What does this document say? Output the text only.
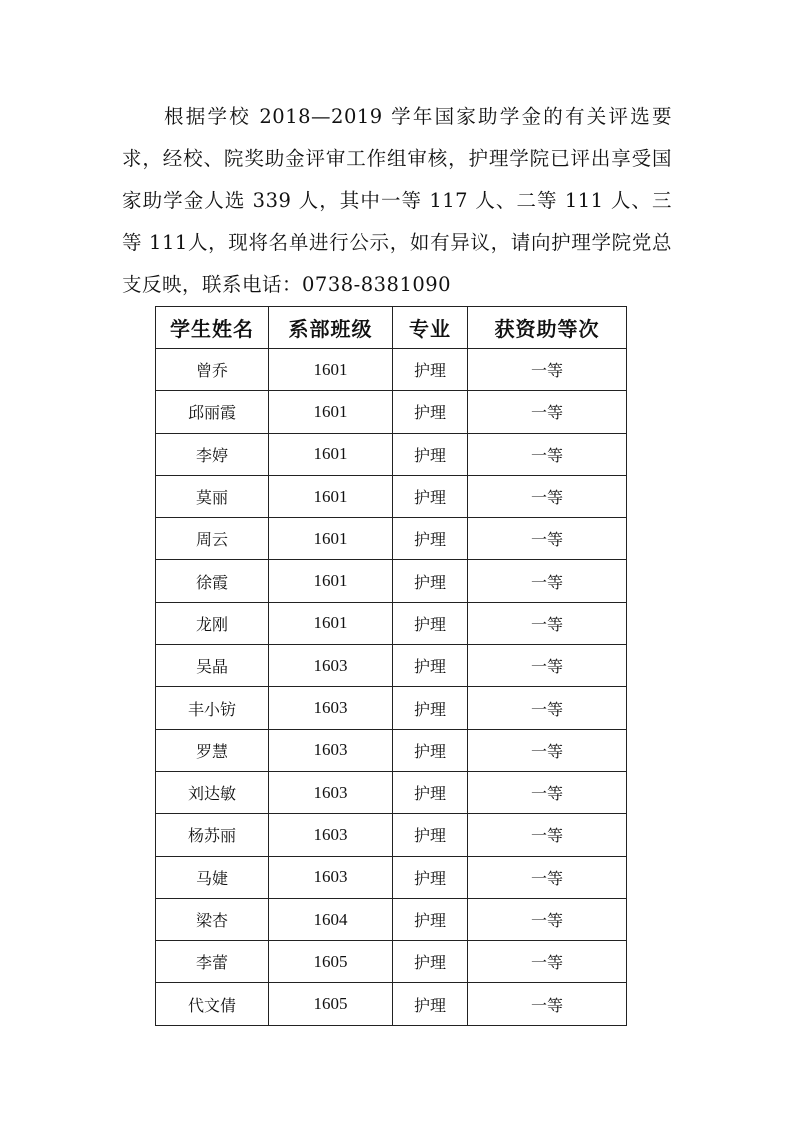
根据学校 2018—2019 学年国家助学金的有关评选要求，经校、院奖助金评审工作组审核，护理学院已评出享受国家助学金人选 339 人，其中一等 117 人、二等 111 人、三等 111人，现将名单进行公示，如有异议，请向护理学院党总支反映，联系电话：0738-8381090

学生姓名	系部班级	专业	获资助等次
曾乔	1601	护理	一等
邱丽霞	1601	护理	一等
李婷	1601	护理	一等
莫丽	1601	护理	一等
周云	1601	护理	一等
徐霞	1601	护理	一等
龙刚	1601	护理	一等
吴晶	1603	护理	一等
丰小钫	1603	护理	一等
罗慧	1603	护理	一等
刘达敏	1603	护理	一等
杨苏丽	1603	护理	一等
马婕	1603	护理	一等
梁杏	1604	护理	一等
李蕾	1605	护理	一等
代文倩	1605	护理	一等
